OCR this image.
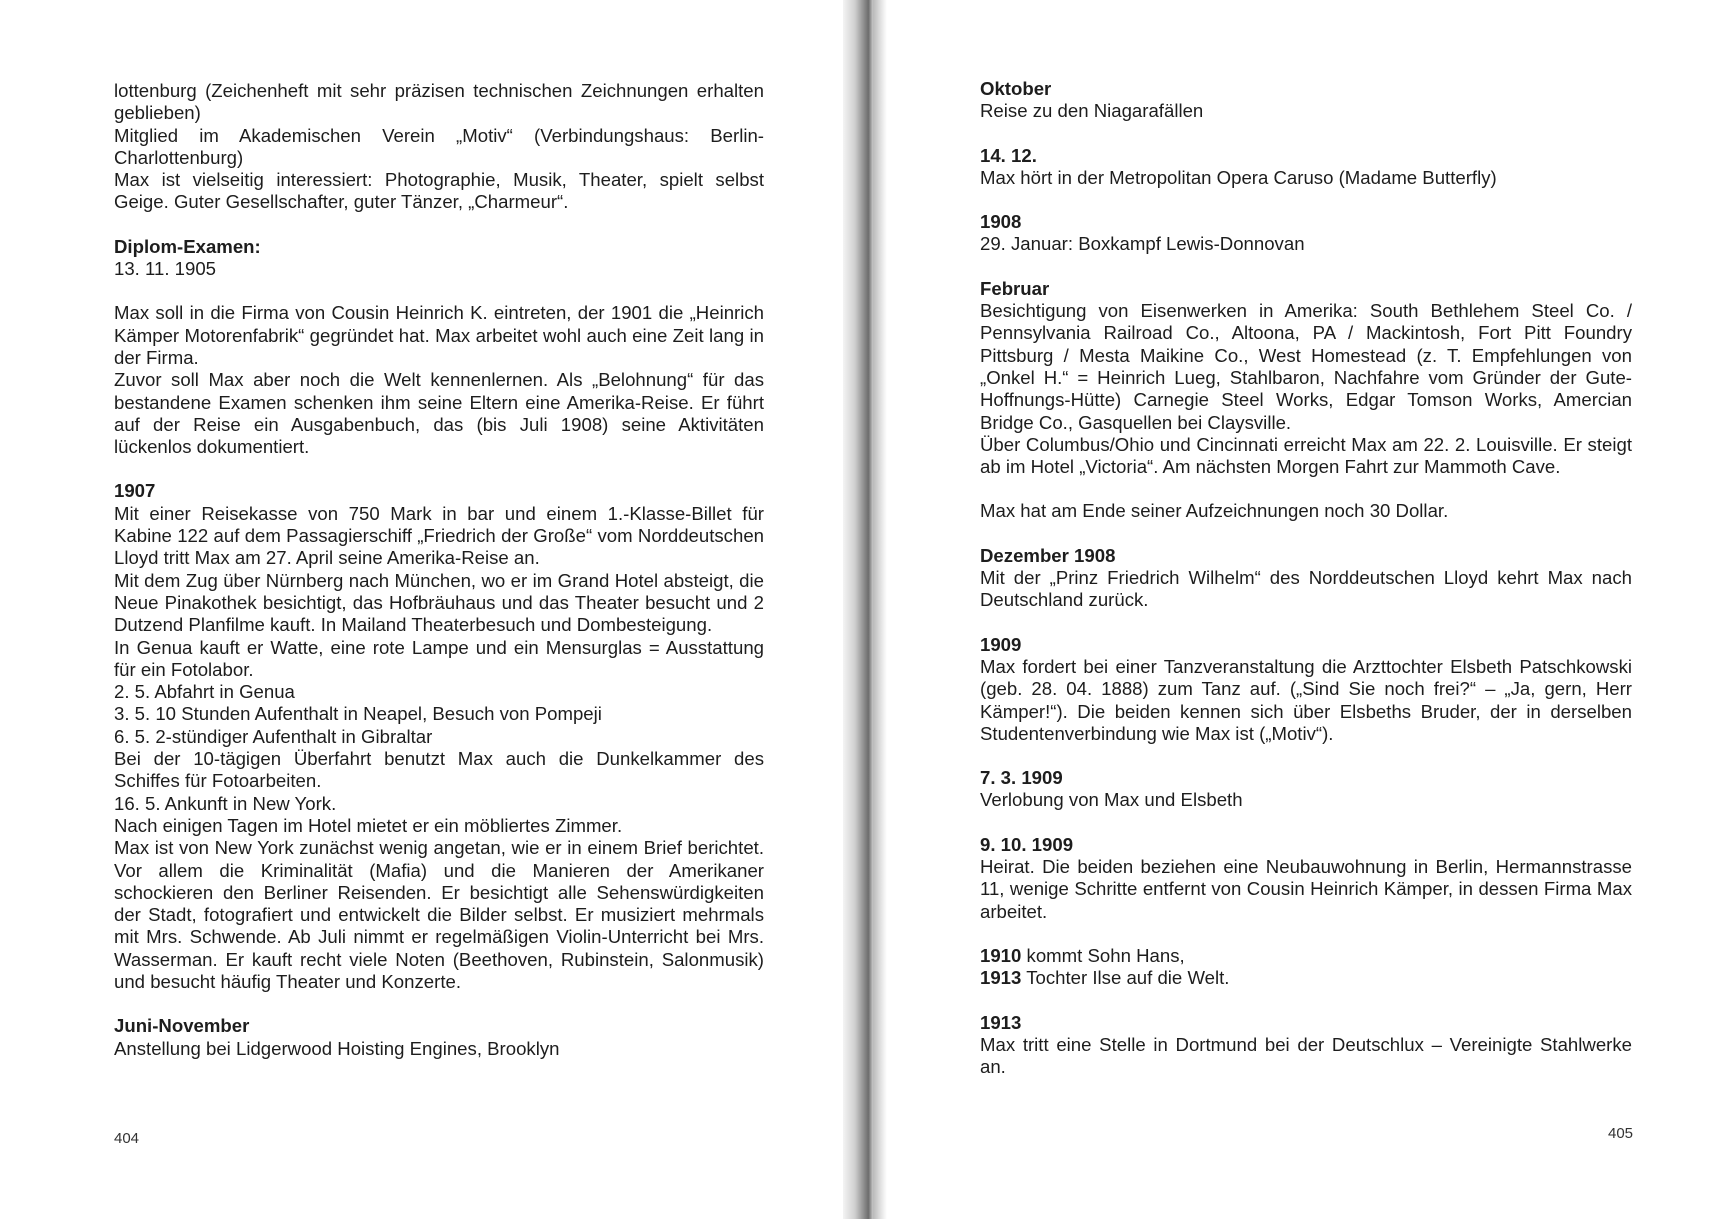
lottenburg (Zeichenheft mit sehr präzisen technischen Zeichnungen erhalten geblieben)
Mitglied im Akademischen Verein „Motiv“ (Verbindungshaus: Berlin-Charlottenburg)
Max ist vielseitig interessiert: Photographie, Musik, Theater, spielt selbst Geige. Guter Gesellschafter, guter Tänzer, „Charmeur“.
Diplom-Examen:
13. 11. 1905
Max soll in die Firma von Cousin Heinrich K. eintreten, der 1901 die „Heinrich Kämper Motorenfabrik“ gegründet hat. Max arbeitet wohl auch eine Zeit lang in der Firma.
Zuvor soll Max aber noch die Welt kennenlernen. Als „Belohnung“ für das bestandene Examen schenken ihm seine Eltern eine Amerika-Reise. Er führt auf der Reise ein Ausgabenbuch, das (bis Juli 1908) seine Aktivitäten lückenlos dokumentiert.
1907
Mit einer Reisekasse von 750 Mark in bar und einem 1.-Klasse-Billet für Kabine 122 auf dem Passagierschiff „Friedrich der Große“ vom Norddeutschen Lloyd tritt Max am 27. April seine Amerika-Reise an.
Mit dem Zug über Nürnberg nach München, wo er im Grand Hotel absteigt, die Neue Pinakothek besichtigt, das Hofbräuhaus und das Theater besucht und 2 Dutzend Planfilme kauft. In Mailand Theaterbesuch und Dombesteigung.
In Genua kauft er Watte, eine rote Lampe und ein Mensurglas = Ausstattung für ein Fotolabor.
2. 5. Abfahrt in Genua
3. 5. 10 Stunden Aufenthalt in Neapel, Besuch von Pompeji
6. 5. 2-stündiger Aufenthalt in Gibraltar
Bei der 10-tägigen Überfahrt benutzt Max auch die Dunkelkammer des Schiffes für Fotoarbeiten.
16. 5. Ankunft in New York.
Nach einigen Tagen im Hotel mietet er ein möbliertes Zimmer.
Max ist von New York zunächst wenig angetan, wie er in einem Brief berichtet. Vor allem die Kriminalität (Mafia) und die Manieren der Amerikaner schockieren den Berliner Reisenden. Er besichtigt alle Sehenswürdigkeiten der Stadt, fotografiert und entwickelt die Bilder selbst. Er musiziert mehrmals mit Mrs. Schwende. Ab Juli nimmt er regelmäßigen Violin-Unterricht bei Mrs. Wasserman. Er kauft recht viele Noten (Beethoven, Rubinstein, Salonmusik) und besucht häufig Theater und Konzerte.
Juni-November
Anstellung bei Lidgerwood Hoisting Engines, Brooklyn
Oktober
Reise zu den Niagarafällen
14. 12.
Max hört in der Metropolitan Opera Caruso (Madame Butterfly)
1908
29. Januar: Boxkampf Lewis-Donnovan
Februar
Besichtigung von Eisenwerken in Amerika: South Bethlehem Steel Co. / Pennsylvania Railroad Co., Altoona, PA / Mackintosh, Fort Pitt Foundry Pittsburg / Mesta Maikine Co., West Homestead (z. T. Empfehlungen von „Onkel H.“ = Heinrich Lueg, Stahlbaron, Nachfahre vom Gründer der Gute-Hoffnungs-Hütte) Carnegie Steel Works, Edgar Tomson Works, Amercian Bridge Co., Gasquellen bei Claysville.
Über Columbus/Ohio und Cincinnati erreicht Max am 22. 2. Louisville. Er steigt ab im Hotel „Victoria“. Am nächsten Morgen Fahrt zur Mammoth Cave.
Max hat am Ende seiner Aufzeichnungen noch 30 Dollar.
Dezember 1908
Mit der „Prinz Friedrich Wilhelm“ des Norddeutschen Lloyd kehrt Max nach Deutschland zurück.
1909
Max fordert bei einer Tanzveranstaltung die Arzttochter Elsbeth Patschkowski (geb. 28. 04. 1888) zum Tanz auf. („Sind Sie noch frei?“ – „Ja, gern, Herr Kämper!“). Die beiden kennen sich über Elsbeths Bruder, der in derselben Studentenverbindung wie Max ist („Motiv“).
7. 3. 1909
Verlobung von Max und Elsbeth
9. 10. 1909
Heirat. Die beiden beziehen eine Neubauwohnung in Berlin, Hermannstrasse 11, wenige Schritte entfernt von Cousin Heinrich Kämper, in dessen Firma Max arbeitet.
1910 kommt Sohn Hans,
1913 Tochter Ilse auf die Welt.
1913
Max tritt eine Stelle in Dortmund bei der Deutschlux – Vereinigte Stahlwerke an.
404	405
